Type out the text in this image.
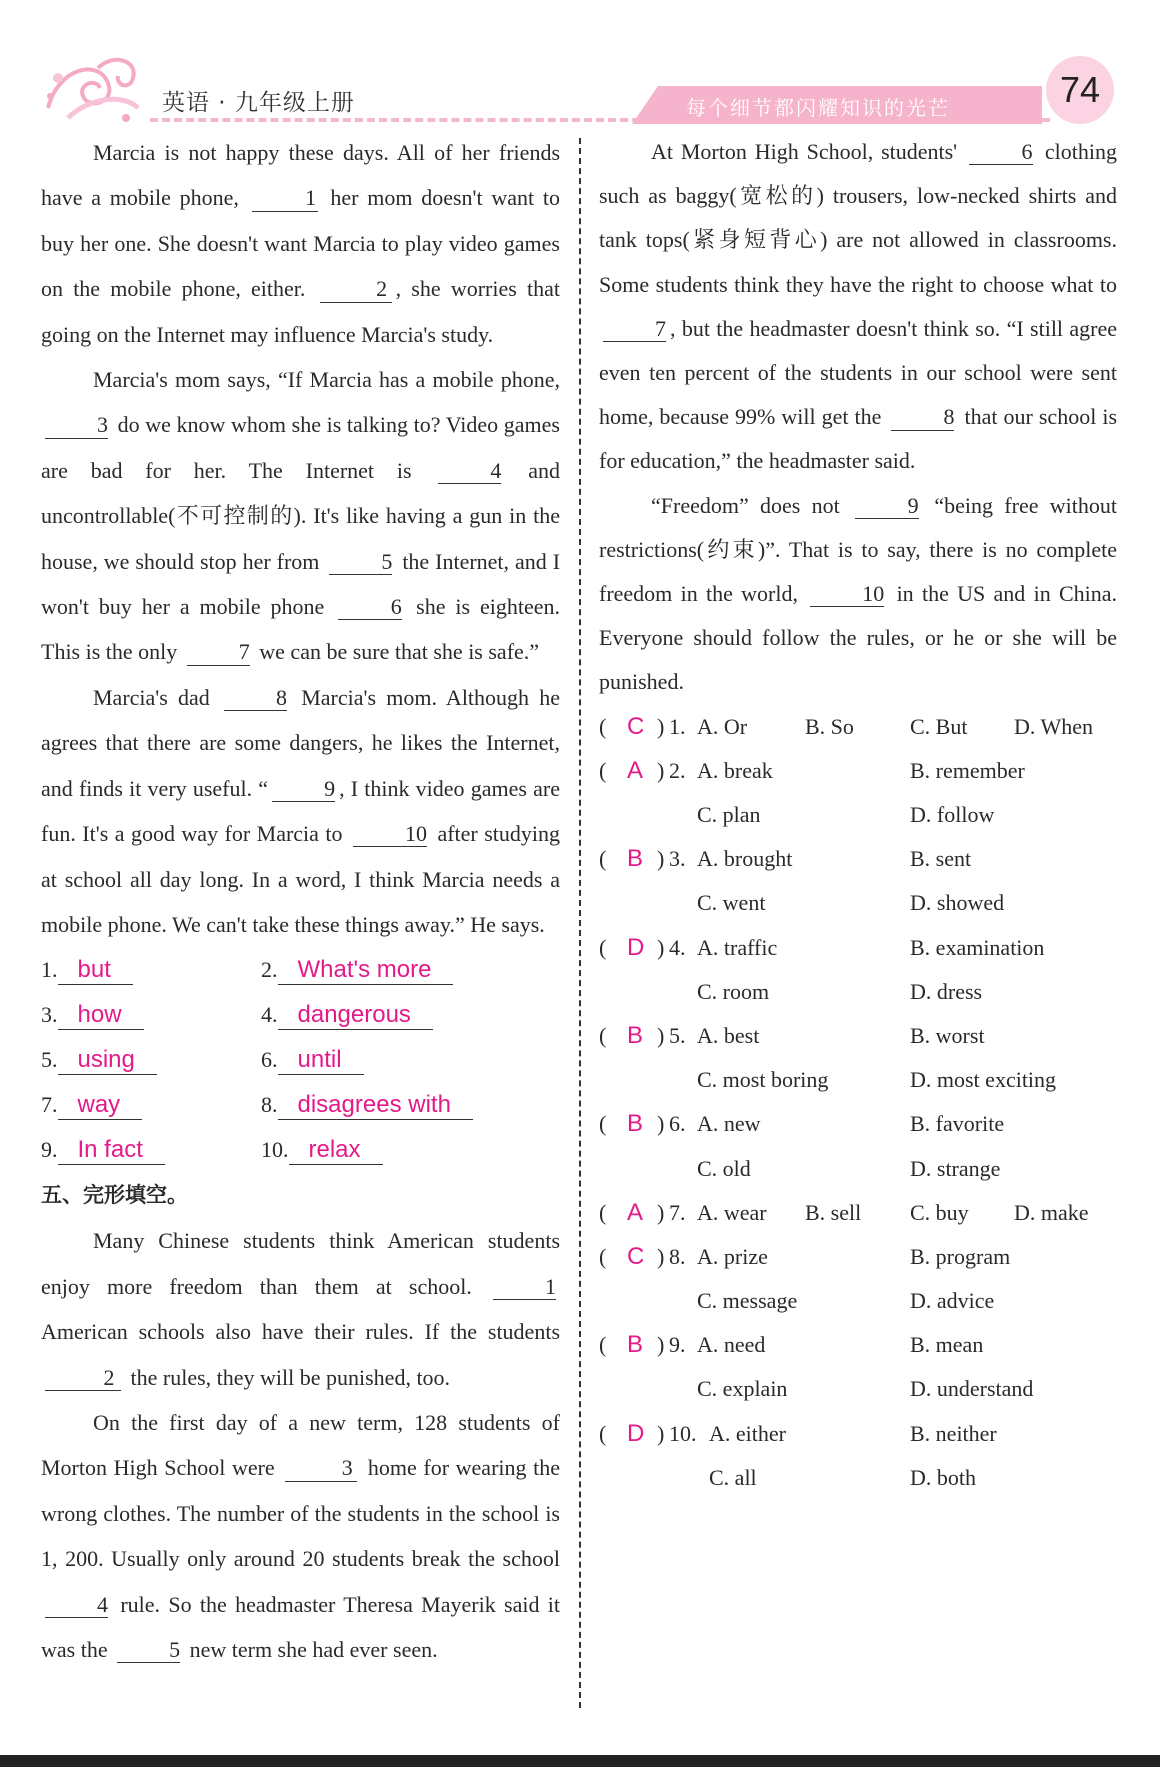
英语 · 九年级上册	每个细节都闪耀知识的光芒	74

Marcia is not happy these days. All of her friends have a mobile phone,	1 her mom doesn't want to buy her one. She doesn't want Marcia to play video games on the mobile phone, either.	2 , she worries that going on the Internet may influence Marcia's study.

Marcia's mom says, “If Marcia has a mobile phone, 3 do we know whom she is talking to? Video games are bad for her. The Internet is	4 and uncontrollable(不可控制的). It's like having a gun in the house, we should stop her from	5 the Internet, and I won't buy her a mobile phone	6 she is eighteen. This is the only	7 we can be sure that she is safe.”

Marcia's dad	8 Marcia's mom. Although he agrees that there are some dangers, he likes the Internet, and finds it very useful. “	9 , I think video games are fun. It's a good way for Marcia to	10 after studying at school all day long. In a word, I think Marcia needs a mobile phone. We can't take these things away.” He says.

1. but	2. What's more
3. how	4. dangerous
5. using	6. until
7. way	8. disagrees with
9. In fact	10. relax
五、完形填空。

Many Chinese students think American students enjoy more freedom than them at school.	1 American schools also have their rules. If the students 2 the rules, they will be punished, too.

On the first day of a new term, 128 students of Morton High School were	3 home for wearing the wrong clothes. The number of the students in the school is 1, 200. Usually only around 20 students break the school 4 rule. So the headmaster Theresa Mayerik said it was the	5 new term she had ever seen.

At Morton High School, students'	6 clothing such as baggy(宽松的) trousers, low-necked shirts and tank tops(紧身短背心) are not allowed in classrooms. Some students think they have the right to choose what to 7 , but the headmaster doesn't think so. “I still agree even ten percent of the students in our school were sent home, because 99% will get the	8 that our school is for education,” the headmaster said.

“Freedom” does not	9 “being free without restrictions(约束)”. That is to say, there is no complete freedom in the world,	10 in the US and in China. Everyone should follow the rules, or he or she will be punished.

( C ) 1. A. Or	B. So	C. But D. When
( A ) 2. A. break	B. remember
C. plan	D. follow
( B ) 3. A. brought	B. sent
C. went	D. showed
( D ) 4. A. traffic	B. examination
C. room	D. dress
( B ) 5. A. best	B. worst
C. most boring	D. most exciting
( B ) 6. A. new	B. favorite
C. old	D. strange
( A ) 7. A. wear B. sell C. buy D. make
( C ) 8. A. prize	B. program
C. message	D. advice
( B ) 9. A. need	B. mean
C. explain	D. understand
( D ) 10. A. either	B. neither
C. all	D. both
